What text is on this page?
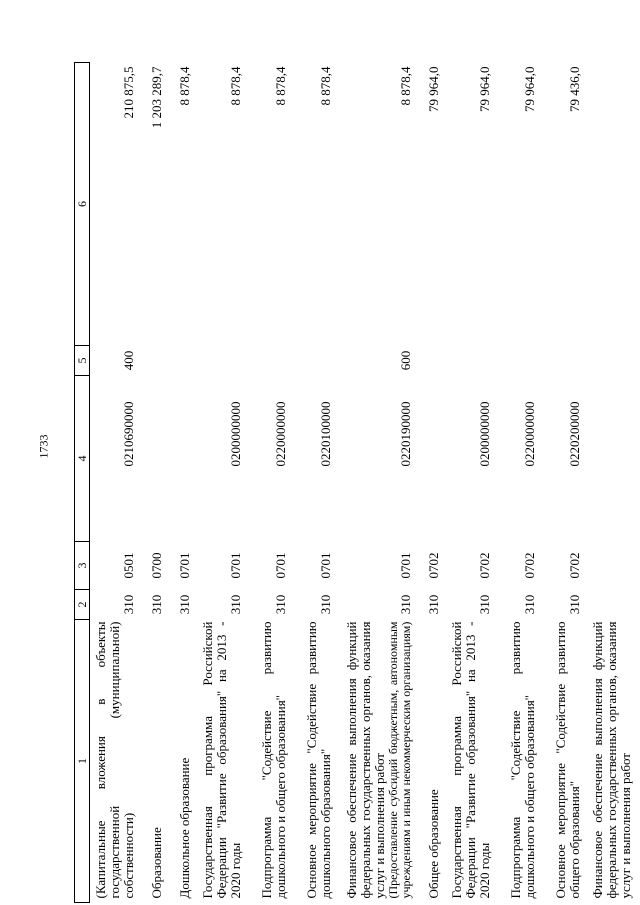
1733
1	2	3	4	5	6
(Капитальные вложения в объекты государственной (муниципальной) собственности)	310	0501	0210690000	400	210 875,5
Образование	310	0700			1 203 289,7
Дошкольное образование	310	0701			8 878,4
Государственная программа Российской Федерации "Развитие образования" на 2013 - 2020 годы	310	0701	0200000000		8 878,4
Подпрограмма "Содействие развитию дошкольного и общего образования"	310	0701	0220000000		8 878,4
Основное мероприятие "Содействие развитию дошкольного образования"	310	0701	0220100000		8 878,4

Финансовое обеспечение выполнения функций федеральных государственных органов, оказания услуг и выполнения работ (Предоставление субсидий бюджетным, автономным учреждениям и иным некоммерческим организациям)	310	0701	0220190000	600	8 878,4
Общее образование	310	0702			79 964,0
Государственная программа Российской Федерации "Развитие образования" на 2013 - 2020 годы	310	0702	0200000000		79 964,0
Подпрограмма "Содействие развитию дошкольного и общего образования"	310	0702	0220000000		79 964,0
Основное мероприятие "Содействие развитию общего образования"	310	0702	0220200000		79 436,0
Финансовое обеспечение выполнения функций федеральных государственных органов, оказания услуг и выполнения работ					
